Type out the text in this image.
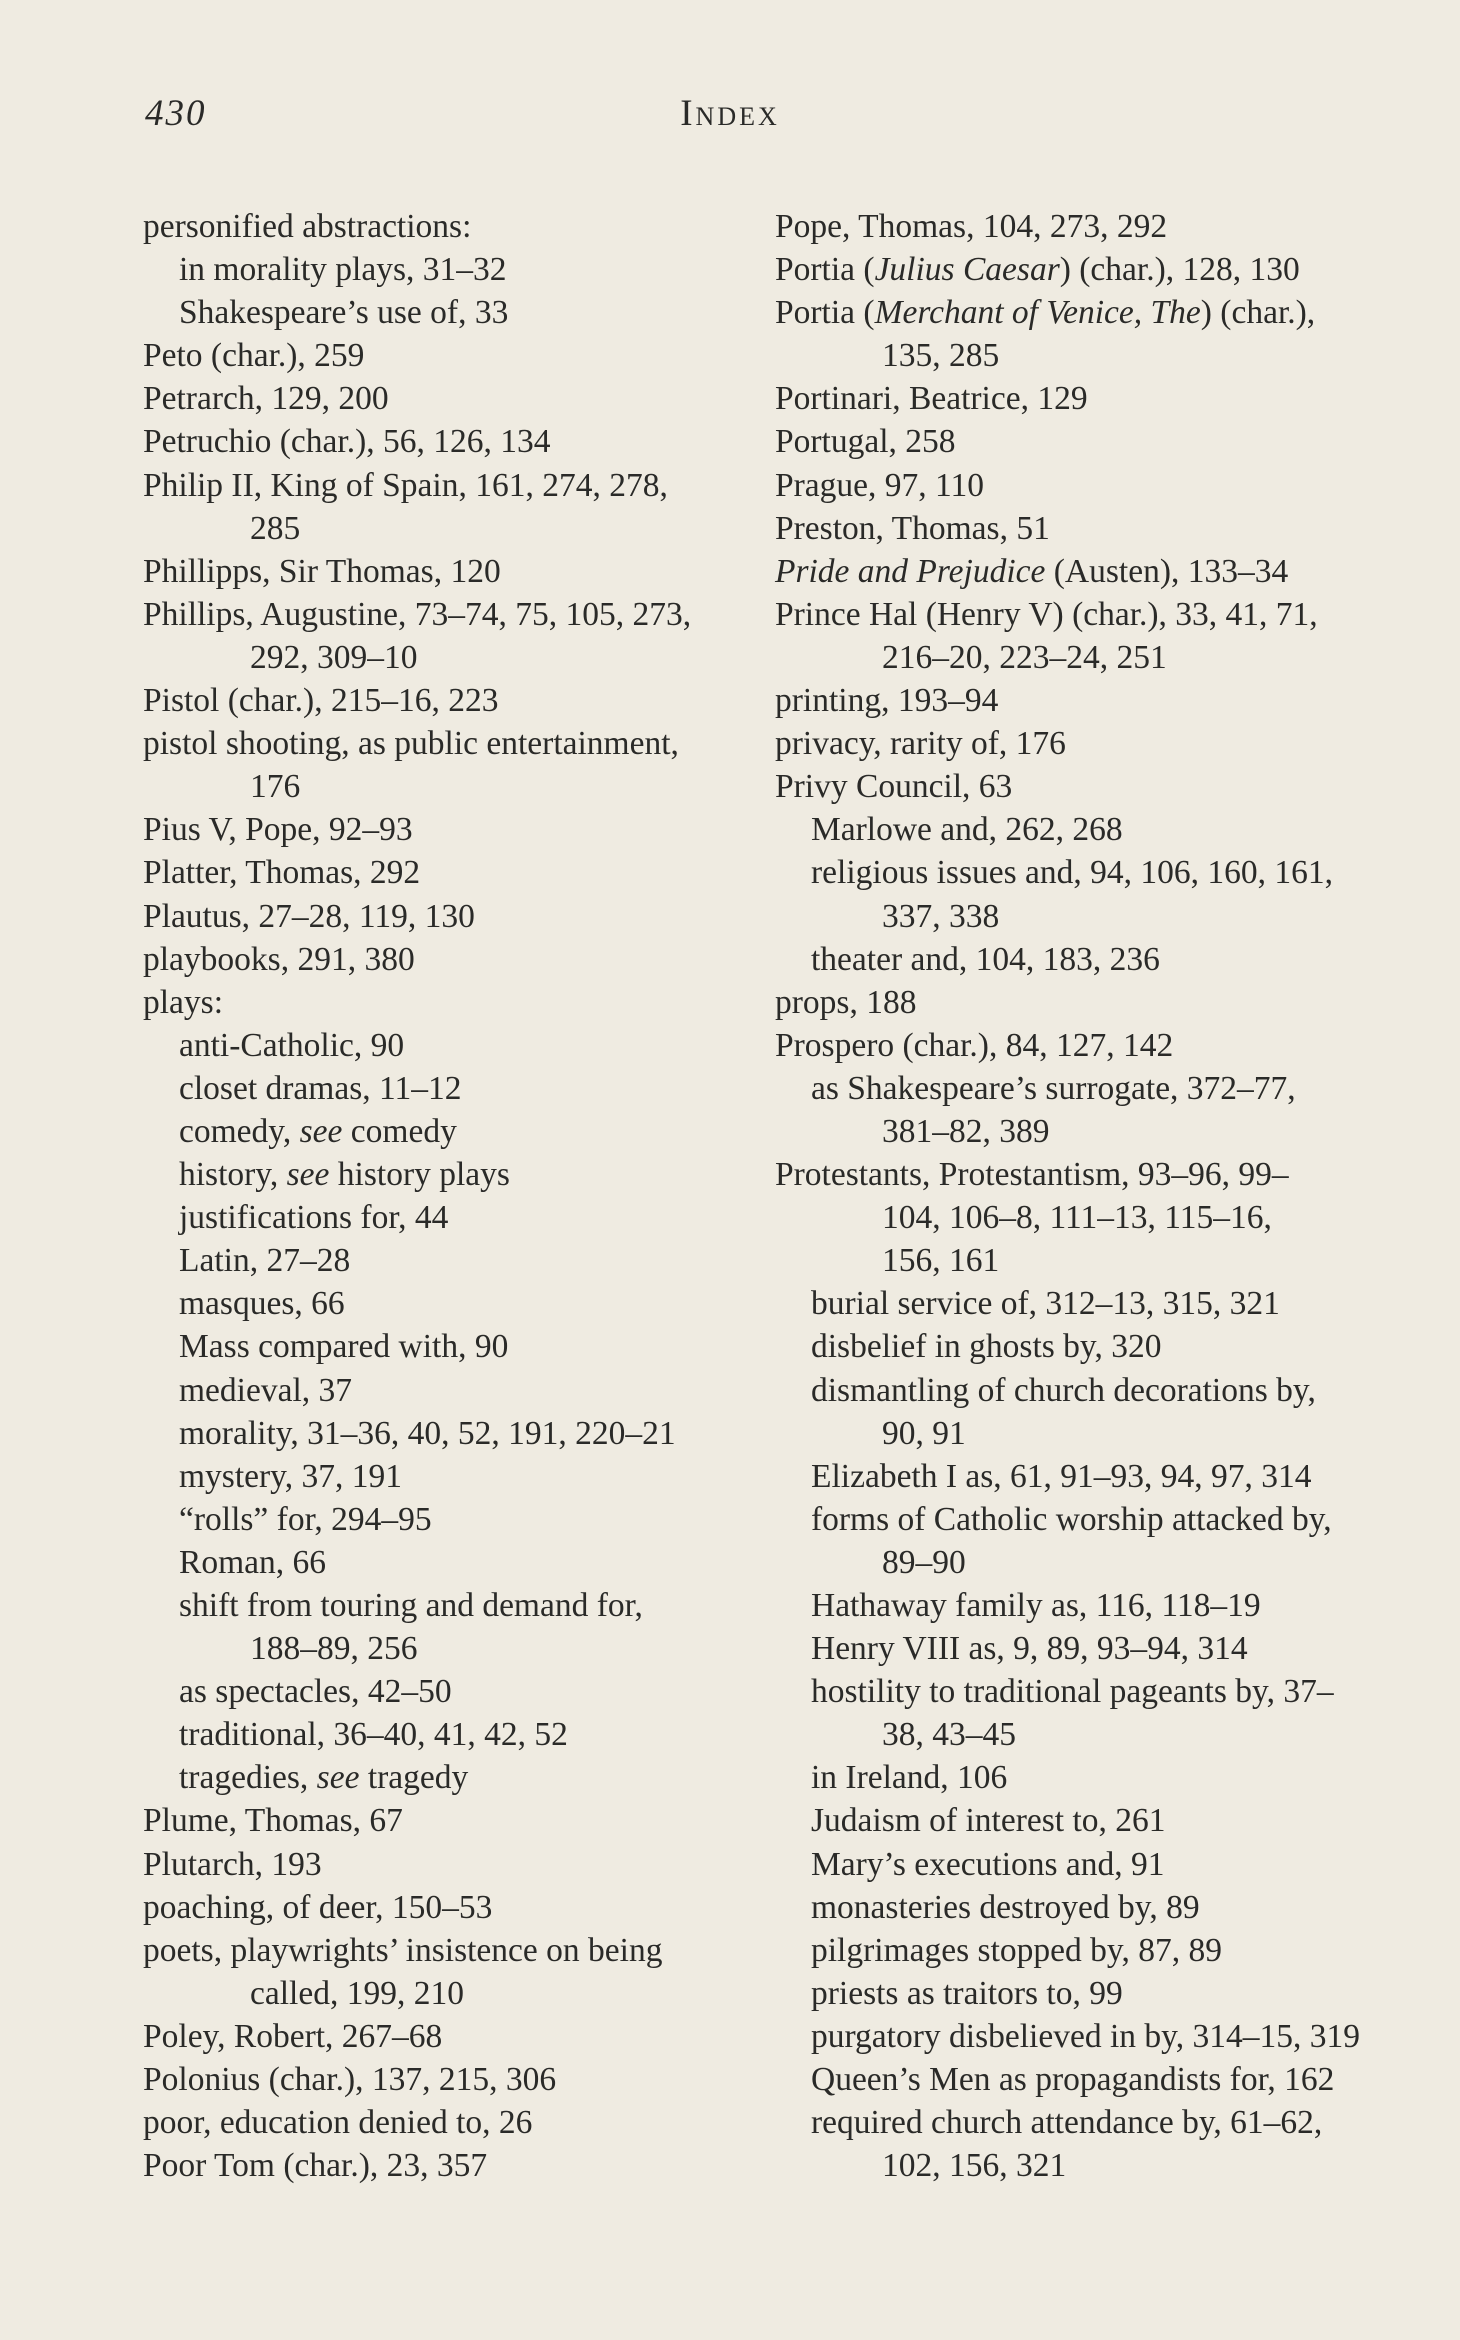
430	Index
personified abstractions:
in morality plays, 31–32
Shakespeare’s use of, 33
Peto (char.), 259
Petrarch, 129, 200
Petruchio (char.), 56, 126, 134
Philip II, King of Spain, 161, 274, 278,
285
Phillipps, Sir Thomas, 120
Phillips, Augustine, 73–74, 75, 105, 273,
292, 309–10
Pistol (char.), 215–16, 223
pistol shooting, as public entertainment,
176
Pius V, Pope, 92–93
Platter, Thomas, 292
Plautus, 27–28, 119, 130
playbooks, 291, 380
plays:
anti-Catholic, 90
closet dramas, 11–12
comedy, see comedy
history, see history plays
justifications for, 44
Latin, 27–28
masques, 66
Mass compared with, 90
medieval, 37
morality, 31–36, 40, 52, 191, 220–21
mystery, 37, 191
“rolls” for, 294–95
Roman, 66
shift from touring and demand for,
188–89, 256
as spectacles, 42–50
traditional, 36–40, 41, 42, 52
tragedies, see tragedy
Plume, Thomas, 67
Plutarch, 193
poaching, of deer, 150–53
poets, playwrights’ insistence on being
called, 199, 210
Poley, Robert, 267–68
Polonius (char.), 137, 215, 306
poor, education denied to, 26
Poor Tom (char.), 23, 357
Pope, Thomas, 104, 273, 292
Portia (Julius Caesar) (char.), 128, 130
Portia (Merchant of Venice, The) (char.),
135, 285
Portinari, Beatrice, 129
Portugal, 258
Prague, 97, 110
Preston, Thomas, 51
Pride and Prejudice (Austen), 133–34
Prince Hal (Henry V) (char.), 33, 41, 71,
216–20, 223–24, 251
printing, 193–94
privacy, rarity of, 176
Privy Council, 63
Marlowe and, 262, 268
religious issues and, 94, 106, 160, 161,
337, 338
theater and, 104, 183, 236
props, 188
Prospero (char.), 84, 127, 142
as Shakespeare’s surrogate, 372–77,
381–82, 389
Protestants, Protestantism, 93–96, 99–
104, 106–8, 111–13, 115–16,
156, 161
burial service of, 312–13, 315, 321
disbelief in ghosts by, 320
dismantling of church decorations by,
90, 91
Elizabeth I as, 61, 91–93, 94, 97, 314
forms of Catholic worship attacked by,
89–90
Hathaway family as, 116, 118–19
Henry VIII as, 9, 89, 93–94, 314
hostility to traditional pageants by, 37–
38, 43–45
in Ireland, 106
Judaism of interest to, 261
Mary’s executions and, 91
monasteries destroyed by, 89
pilgrimages stopped by, 87, 89
priests as traitors to, 99
purgatory disbelieved in by, 314–15, 319
Queen’s Men as propagandists for, 162
required church attendance by, 61–62,
102, 156, 321
